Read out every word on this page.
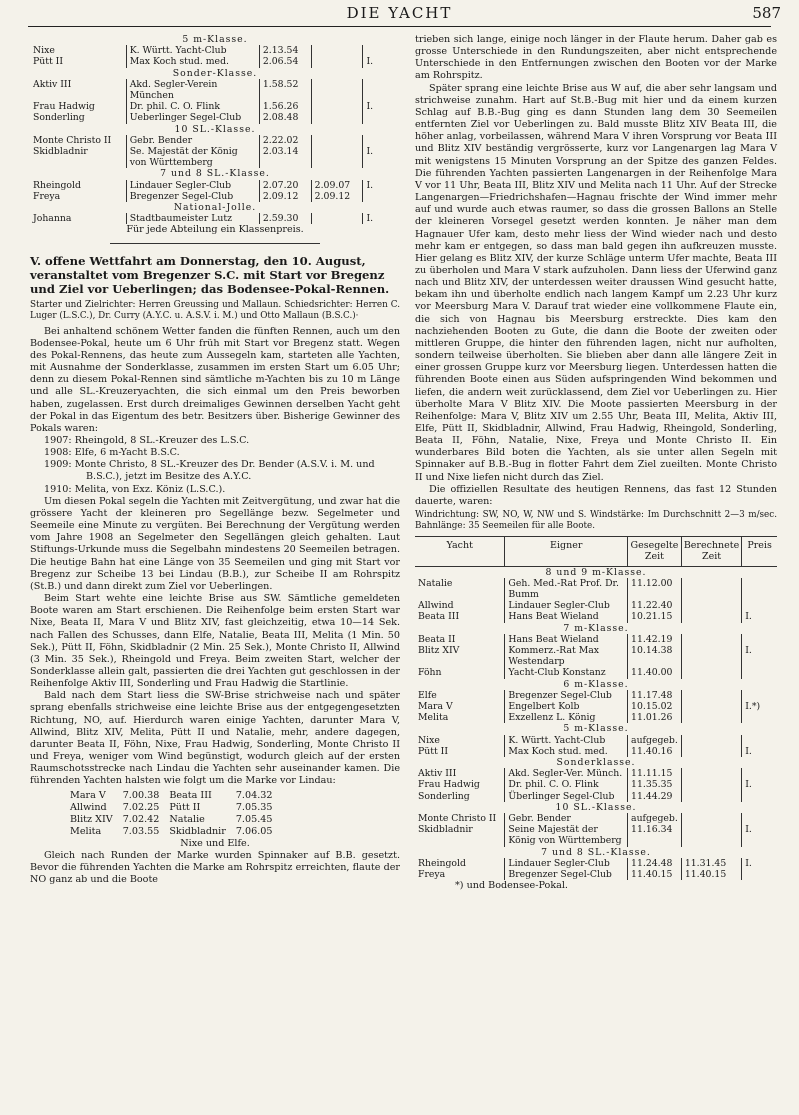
DIE YACHT	587
5 m-Klasse.				
Nixe	K. Württ. Yacht-Club	2.13.54		
Pütt II	Max Koch stud. med.	2.06.54		I.
Sonder-Klasse.				
Aktiv III	Akd. Segler-Verein München	1.58.52		
Frau Hadwig	Dr. phil. C. O. Flink	1.56.26		I.
Sonderling	Ueberlinger Segel-Club	2.08.48		
10 SL.-Klasse.				
Monte Christo II	Gebr. Bender	2.22.02		
Skidbladnir	Se. Majestät der König von Württemberg	2.03.14		I.
7 und 8 SL.-Klasse.				
Rheingold	Lindauer Segler-Club	2.07.20	2.09.07	I.
Freya	Bregenzer Segel-Club	2.09.12	2.09.12	
National-Jolle.				
Johanna	Stadtbaumeister Lutz	2.59.30		I.
Für jede Abteilung ein Klassenpreis.
V. offene Wettfahrt am Donnerstag, den 10. August, veranstaltet vom Bregenzer S.C. mit Start vor Bregenz und Ziel vor Ueberlingen; das Bodensee-Pokal-Rennen.

Starter und Zielrichter: Herren Greussing und Mallaun. Schiedsrichter: Herren C. Luger (L.S.C.), Dr. Curry (A.Y.C. u. A.S.V. i. M.) und Otto Mallaun (B.S.C.)·

Bei anhaltend schönem Wetter fanden die fünften Rennen, auch um den Bodensee-Pokal, heute um 6 Uhr früh mit Start vor Bregenz statt. Wegen des Pokal-Rennens, das heute zum Aussegeln kam, starteten alle Yachten, mit Ausnahme der Sonderklasse, zusammen im ersten Start um 6.05 Uhr; denn zu diesem Pokal-Rennen sind sämtliche m-Yachten bis zu 10 m Länge und alle SL.-Kreuzeryachten, die sich einmal um den Preis beworben haben, zugelassen. Erst durch dreimaliges Gewinnen derselben Yacht geht der Pokal in das Eigentum des betr. Besitzers über. Bisherige Gewinner des Pokals waren:

1907: Rheingold, 8 SL.-Kreuzer des L.S.C.
1908: Elfe, 6 m-Yacht B.S.C.
1909: Monte Christo, 8 SL.-Kreuzer des Dr. Bender (A.S.V. i. M. und B.S.C.), jetzt im Besitze des A.Y.C.
1910: Melita, von Exz. Köniz (L.S.C.).

Um diesen Pokal segeln die Yachten mit Zeitvergütung, und zwar hat die grössere Yacht der kleineren pro Segellänge bezw. Segelmeter und Seemeile eine Minute zu vergüten. Bei Berechnung der Vergütung werden vom Jahre 1908 an Segelmeter den Segellängen gleich gehalten. Laut Stiftungs-Urkunde muss die Segelbahn mindestens 20 Seemeilen betragen. Die heutige Bahn hat eine Länge von 35 Seemeilen und ging mit Start vor Bregenz zur Scheibe 13 bei Lindau (B.B.), zur Scheibe II am Rohrspitz (St.B.) und dann direkt zum Ziel vor Ueberlingen.

Beim Start wehte eine leichte Brise aus SW. Sämtliche gemeldeten Boote waren am Start erschienen. Die Reihenfolge beim ersten Start war Nixe, Beata II, Mara V und Blitz XIV, fast gleichzeitig, etwa 10—14 Sek. nach Fallen des Schusses, dann Elfe, Natalie, Beata III, Melita (1 Min. 50 Sek.), Pütt II, Föhn, Skidbladnir (2 Min. 25 Sek.), Monte Christo II, Allwind (3 Min. 35 Sek.), Rheingold und Freya. Beim zweiten Start, welcher der Sonderklasse allein galt, passierten die drei Yachten gut geschlossen in der Reihenfolge Aktiv III, Sonderling und Frau Hadwig die Startlinie.

Bald nach dem Start liess die SW-Brise strichweise nach und später sprang ebenfalls strichweise eine leichte Brise aus der entgegengesetzten Richtung, NO, auf. Hierdurch waren einige Yachten, darunter Mara V, Allwind, Blitz XIV, Melita, Pütt II und Natalie, mehr, andere dagegen, darunter Beata II, Föhn, Nixe, Frau Hadwig, Sonderling, Monte Christo II und Freya, weniger vom Wind begünstigt, wodurch gleich auf der ersten Raumschotsstrecke nach Lindau die Yachten sehr auseinander kamen. Die führenden Yachten halsten wie folgt um die Marke vor Lindau:

Mara V	7.00.38	Beata III	7.04.32
Allwind	7.02.25	Pütt II	7.05.35
Blitz XIV	7.02.42	Natalie	7.05.45
Melita	7.03.55	Skidbladnir	7.06.05
Nixe und Elfe.

Gleich nach Runden der Marke wurden Spinnaker auf B.B. gesetzt. Bevor die führenden Yachten die Marke am Rohrspitz erreichten, flaute der NO ganz ab und die Boote

trieben sich lange, einige noch länger in der Flaute herum. Daher gab es grosse Unterschiede in den Rundungszeiten, aber nicht entsprechende Unterschiede in den Entfernungen zwischen den Booten vor der Marke am Rohrspitz.

Später sprang eine leichte Brise aus W auf, die aber sehr langsam und strichweise zunahm. Hart auf St.B.-Bug mit hier und da einem kurzen Schlag auf B.B.-Bug ging es dann Stunden lang dem 30 Seemeilen entfernten Ziel vor Ueberlingen zu. Bald musste Blitz XIV Beata III, die höher anlag, vorbeilassen, während Mara V ihren Vorsprung vor Beata III und Blitz XIV beständig vergrösserte, kurz vor Langenargen lag Mara V mit wenigstens 15 Minuten Vorsprung an der Spitze des ganzen Feldes. Die führenden Yachten passierten Langenargen in der Reihenfolge Mara V vor 11 Uhr, Beata III, Blitz XIV und Melita nach 11 Uhr. Auf der Strecke Langenargen—Friedrichshafen—Hagnau frischte der Wind immer mehr auf und wurde auch etwas raumer, so dass die grossen Ballons an Stelle der kleineren Vorsegel gesetzt werden konnten. Je näher man dem Hagnauer Ufer kam, desto mehr liess der Wind wieder nach und desto mehr kam er entgegen, so dass man bald gegen ihn aufkreuzen musste. Hier gelang es Blitz XIV, der kurze Schläge unterm Ufer machte, Beata III zu überholen und Mara V stark aufzuholen. Dann liess der Uferwind ganz nach und Blitz XIV, der unterdessen weiter draussen Wind gesucht hatte, bekam ihn und überholte endlich nach langem Kampf um 2.23 Uhr kurz vor Meersburg Mara V. Darauf trat wieder eine vollkommene Flaute ein, die sich von Hagnau bis Meersburg erstreckte. Dies kam den nachziehenden Booten zu Gute, die dann die Boote der zweiten oder mittleren Gruppe, die hinter den führenden lagen, nicht nur aufholten, sondern teilweise überholten. Sie blieben aber dann alle längere Zeit in einer grossen Gruppe kurz vor Meersburg liegen. Unterdessen hatten die führenden Boote einen aus Süden aufspringenden Wind bekommen und liefen, die andern weit zurücklassend, dem Ziel vor Ueberlingen zu. Hier überholte Mara V Blitz XIV. Die Moote passierten Meersburg in der Reihenfolge: Mara V, Blitz XIV um 2.55 Uhr, Beata III, Melita, Aktiv III, Elfe, Pütt II, Skidbladnir, Allwind, Frau Hadwig, Rheingold, Sonderling, Beata II, Föhn, Natalie, Nixe, Freya und Monte Christo II. Ein wunderbares Bild boten die Yachten, als sie unter allen Segeln mit Spinnaker auf B.B.-Bug in flotter Fahrt dem Ziel zueilten. Monte Christo II und Nixe liefen nicht durch das Ziel.

Die offiziellen Resultate des heutigen Rennens, das fast 12 Stunden dauerte, waren:

Windrichtung: SW, NO, W, NW und S. Windstärke: Im Durchschnitt 2—3 m/sec. Bahnlänge: 35 Seemeilen für alle Boote.

Yacht	Eigner	Gesegelte Zeit	Berechnete Zeit	Preis
8 und 9 m-Klasse.				
Natalie	Geh. Med.-Rat Prof. Dr. Bumm	11.12.00		
Allwind	Lindauer Segler-Club	11.22.40		
Beata III	Hans Beat Wieland	10.21.15		I.
7 m-Klasse.				
Beata II	Hans Beat Wieland	11.42.19		
Blitz XIV	Kommerz.-Rat Max Westendarp	10.14.38		I.
Föhn	Yacht-Club Konstanz	11.40.00		
6 m-Klasse.				
Elfe	Bregenzer Segel-Club	11.17.48		
Mara V	Engelbert Kolb	10.15.02		I.*)
Melita	Exzellenz L. König	11.01.26		
5 m-Klasse.				
Nixe	K. Württ. Yacht-Club	aufgegeb.		
Pütt II	Max Koch stud. med.	11.40.16		I.
Sonderklasse.				
Aktiv III	Akd. Segler-Ver. Münch.	11.11.15		
Frau Hadwig	Dr. phil. C. O. Flink	11.35.35		I.
Sonderling	Überlinger Segel-Club	11.44.29		
10 SL.-Klasse.				
Monte Christo II	Gebr. Bender	aufgegeb.		
Skidbladnir	Seine Majestät der König von Württemberg	11.16.34		I.
7 und 8 SL.-Klasse.				
Rheingold	Lindauer Segler-Club	11.24.48	11.31.45	I.
Freya	Bregenzer Segel-Club	11.40.15	11.40.15	
*) und Bodensee-Pokal.
